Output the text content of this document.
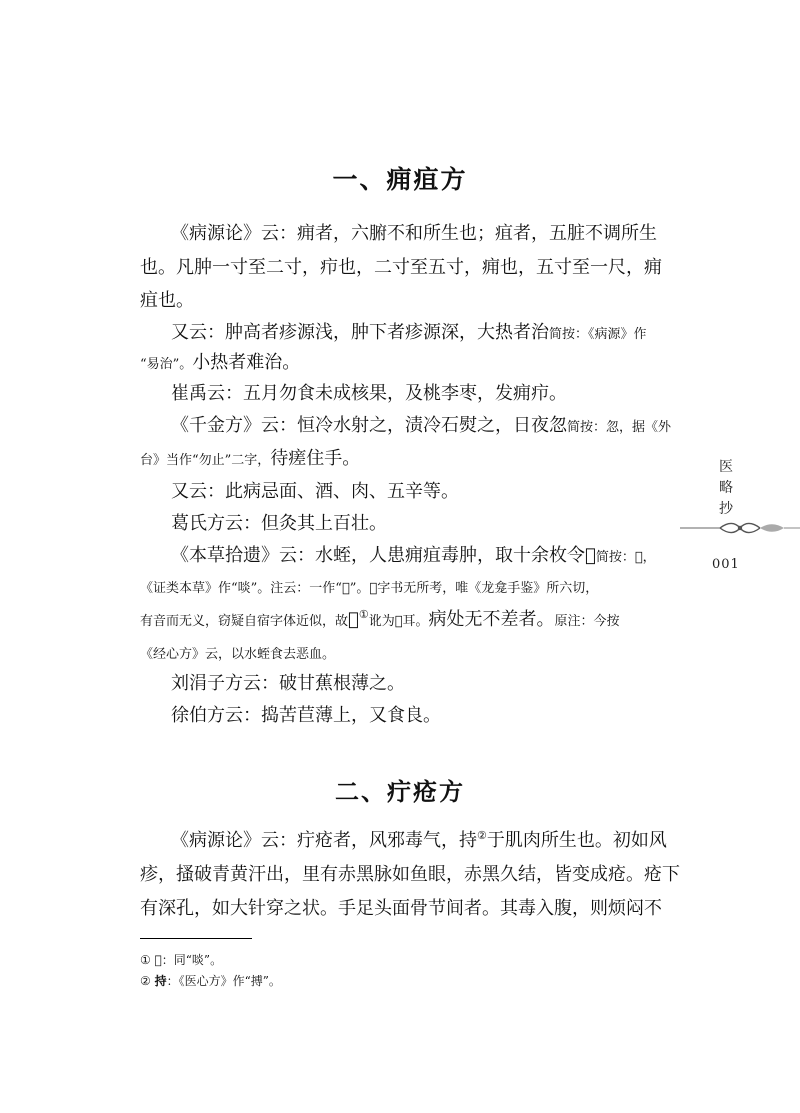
一、痈疽方
《病源论》云：痈者，六腑不和所生也；疽者，五脏不调所生
也。凡肿一寸至二寸，疖也，二寸至五寸，痈也，五寸至一尺，痈
疽也。
又云：肿高者疹源浅，肿下者疹源深，大热者治简按：《病源》作
“易治”。小热者难治。
崔禹云：五月勿食未成核果，及桃李枣，发痈疖。
《千金方》云：恒冷水射之，渍冷石熨之，日夜忽简按：忽，据《外
台》当作“勿止”二字，待瘥住手。
又云：此病忌面、酒、肉、五辛等。
葛氏方云：但灸其上百壮。
《本草拾遗》云：水蛭，人患痈疽毒肿，取十余枚令𠯁简按：𠯁，
《证类本草》作“啖”。注云：一作“𠯁”。𠯁字书无所考，唯《龙龛手鉴》所六切，
有音而无义，窃疑自宿字体近似，故𠯁①讹为𠯁耳。病处无不差者。原注：今按
《经心方》云，以水蛭食去恶血。
刘涓子方云：破甘蕉根薄之。
徐伯方云：捣苦苣薄上，又食良。
二、疔疮方
《病源论》云：疔疮者，风邪毒气，持②于肌肉所生也。初如风
疹，搔破青黄汗出，里有赤黑脉如鱼眼，赤黑久结，皆变成疮。疮下
有深孔，如大针穿之状。手足头面骨节间者。其毒入腹，则烦闷不
医
略
抄
001
① 𠯁：同“啖”。
② 持：《医心方》作“搏”。
